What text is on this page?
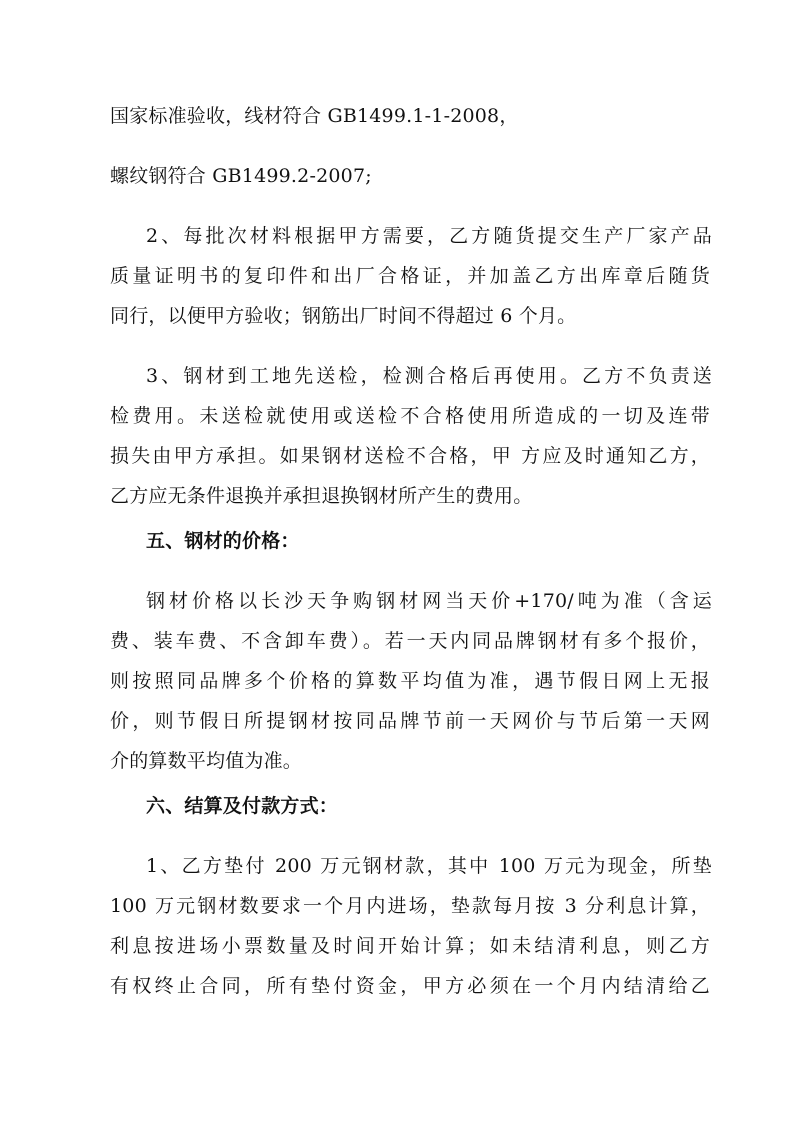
国家标准验收，线材符合 GB1499.1-1-2008，
螺纹钢符合 GB1499.2-2007;
2、每批次材料根据甲方需要，乙方随货提交生产厂家产品
质量证明书的复印件和出厂合格证，并加盖乙方出库章后随货
同行，以便甲方验收；钢筋出厂时间不得超过 6 个月。
3、钢材到工地先送检，检测合格后再使用。乙方不负责送
检费用。未送检就使用或送检不合格使用所造成的一切及连带
损失由甲方承担。如果钢材送检不合格，甲 方应及时通知乙方，
乙方应无条件退换并承担退换钢材所产生的费用。
五、钢材的价格：
钢材价格以长沙天争购钢材网当天价+170/吨为准（含运
费、装车费、不含卸车费）。若一天内同品牌钢材有多个报价，
则按照同品牌多个价格的算数平均值为准，遇节假日网上无报
价，则节假日所提钢材按同品牌节前一天网价与节后第一天网
介的算数平均值为准。
六、结算及付款方式：
1、乙方垫付 200 万元钢材款，其中 100 万元为现金，所垫
100 万元钢材数要求一个月内进场，垫款每月按 3 分利息计算，
利息按进场小票数量及时间开始计算；如未结清利息，则乙方
有权终止合同，所有垫付资金，甲方必须在一个月内结清给乙
